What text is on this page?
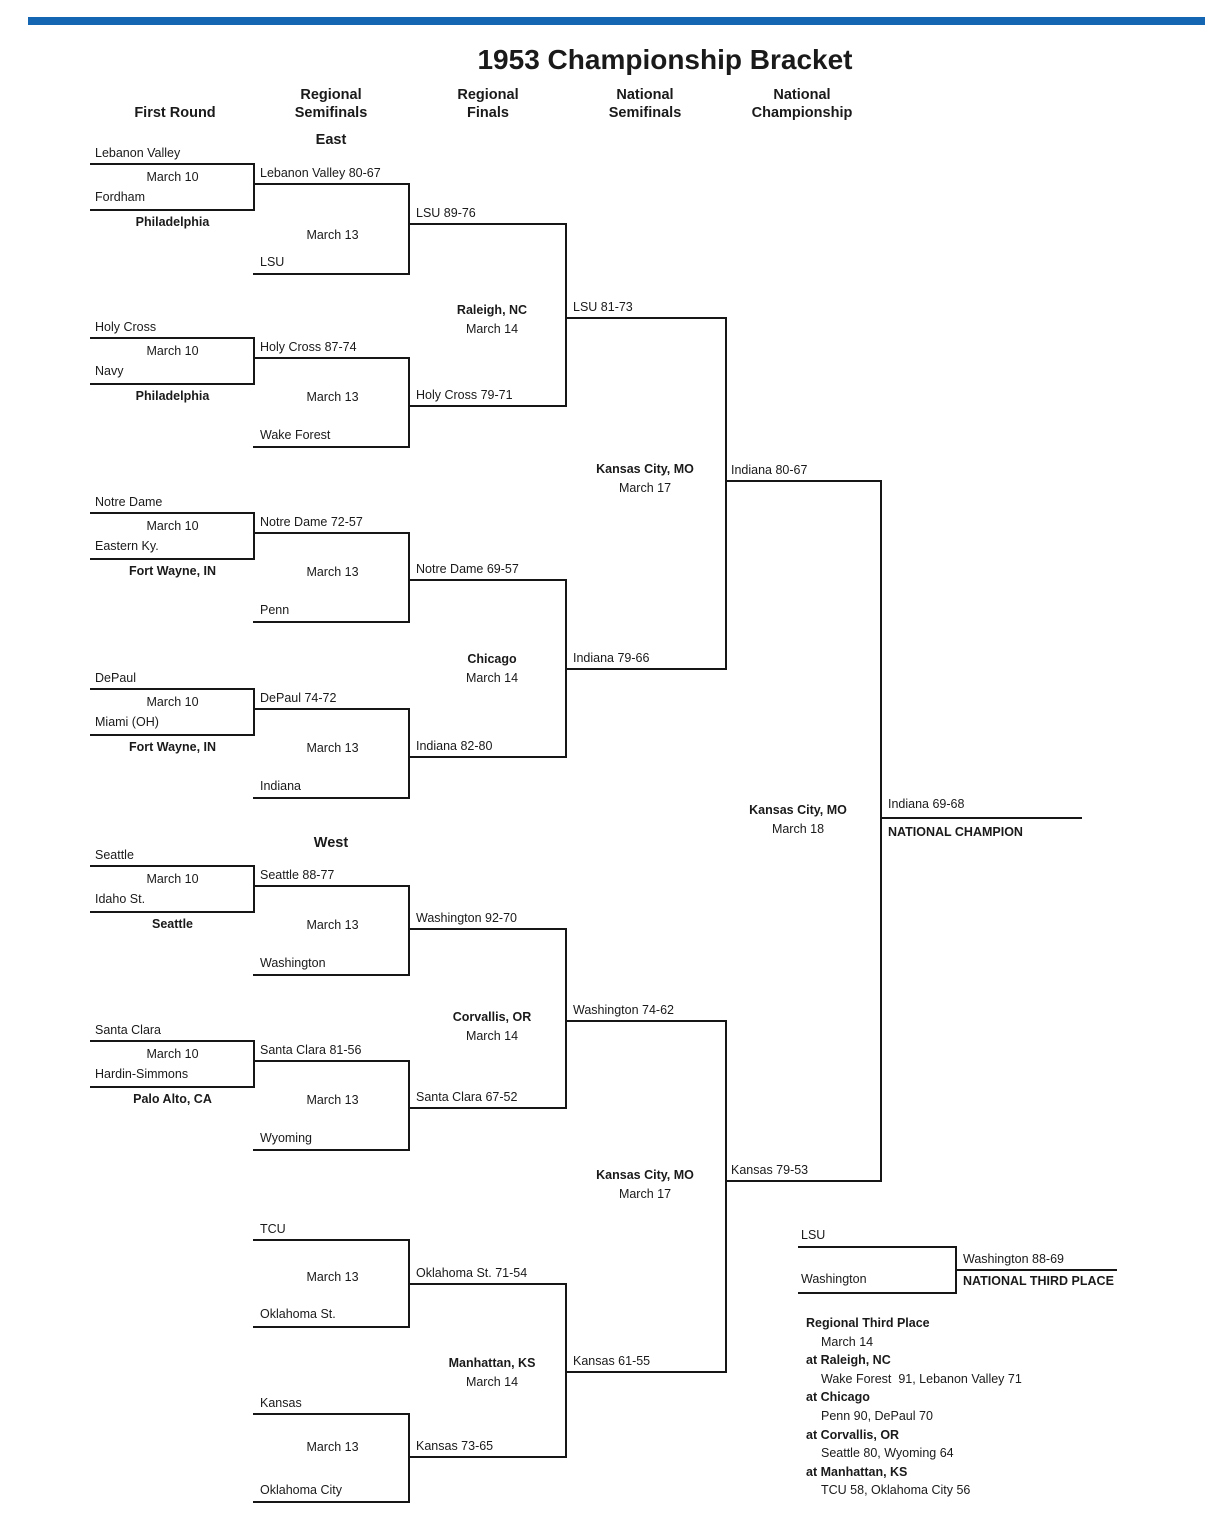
1953 Championship Bracket
First Round
Regional Semifinals
Regional Finals
National Semifinals
National Championship
East
West
Lebanon Valley
March 10
Fordham
Philadelphia
Holy Cross
March 10
Navy
Philadelphia
Notre Dame
March 10
Eastern Ky.
Fort Wayne, IN
DePaul
March 10
Miami (OH)
Fort Wayne, IN
Lebanon Valley 80-67
March 13
LSU
LSU 89-76
Holy Cross 87-74
March 13
Wake Forest
Holy Cross 79-71
Notre Dame 72-57
March 13
Penn
Notre Dame 69-57
DePaul 74-72
March 13
Indiana
Indiana 82-80
Raleigh, NC
March 14
LSU 81-73
Chicago
March 14
Indiana 79-66
Seattle
March 10
Idaho St.
Seattle
Santa Clara
March 10
Hardin-Simmons
Palo Alto, CA
Seattle 88-77
March 13
Washington
Washington 92-70
Santa Clara 81-56
March 13
Wyoming
Santa Clara 67-52
TCU
March 13
Oklahoma St.
Oklahoma St. 71-54
Kansas
March 13
Oklahoma City
Kansas 73-65
Corvallis, OR
March 14
Washington 74-62
Manhattan, KS
March 14
Kansas 61-55
Kansas City, MO
March 17
Indiana 80-67
Kansas City, MO
March 17
Kansas 79-53
Kansas City, MO
March 18
Indiana 69-68
NATIONAL CHAMPION
LSU
Washington
Washington 88-69
NATIONAL THIRD PLACE
Regional Third Place
March 14
at Raleigh, NC
Wake Forest  91, Lebanon Valley 71
at Chicago
Penn 90, DePaul 70
at Corvallis, OR
Seattle 80, Wyoming 64
at Manhattan, KS
TCU 58, Oklahoma City 56
